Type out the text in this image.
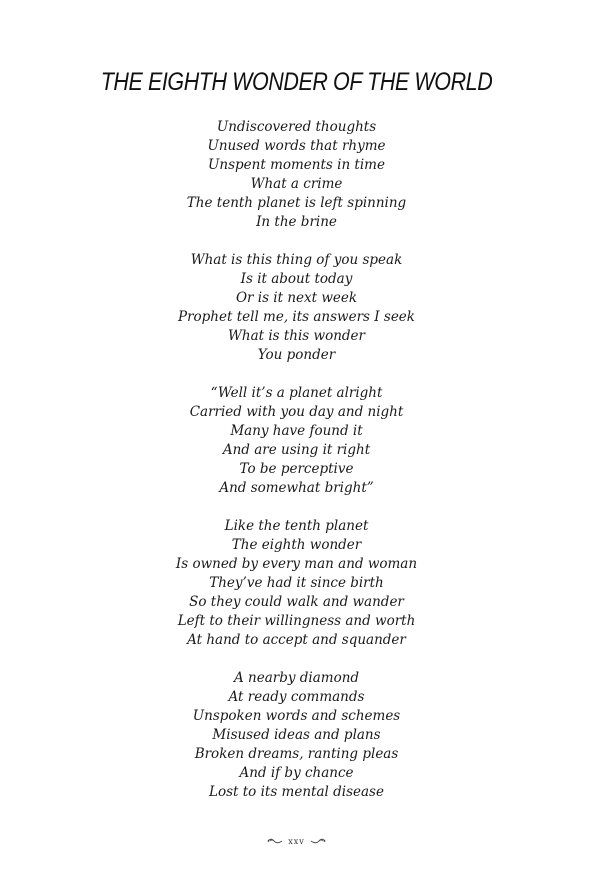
THE EIGHTH WONDER OF THE WORLD
Undiscovered thoughts
Unused words that rhyme
Unspent moments in time
What a crime
The tenth planet is left spinning
In the brine
What is this thing of you speak
Is it about today
Or is it next week
Prophet tell me, its answers I seek
What is this wonder
You ponder
“Well it’s a planet alright
Carried with you day and night
Many have found it
And are using it right
To be perceptive
And somewhat bright”
Like the tenth planet
The eighth wonder
Is owned by every man and woman
They’ve had it since birth
So they could walk and wander
Left to their willingness and worth
At hand to accept and squander
A nearby diamond
At ready commands
Unspoken words and schemes
Misused ideas and plans
Broken dreams, ranting pleas
And if by chance
Lost to its mental disease
xxv
